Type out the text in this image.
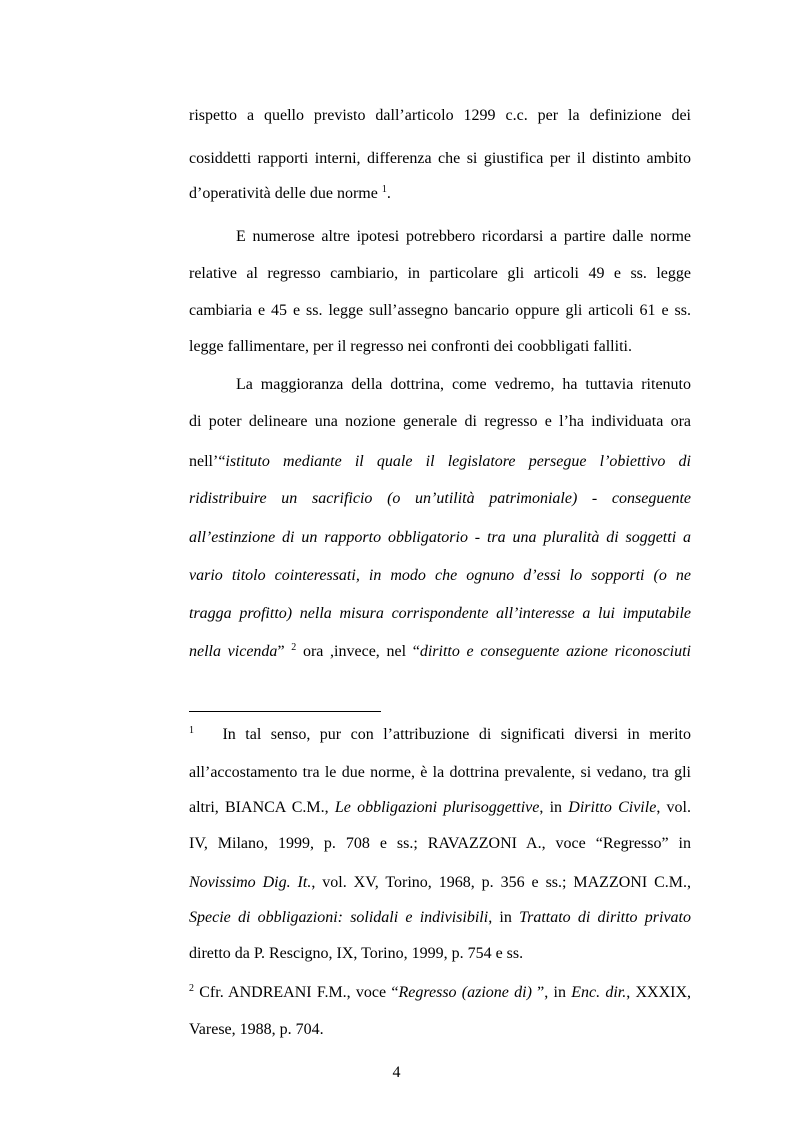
rispetto a quello previsto dall’articolo 1299 c.c. per la definizione dei
cosiddetti rapporti interni, differenza che si giustifica per il distinto ambito
d’operatività delle due norme $^1$.
E numerose altre ipotesi potrebbero ricordarsi a partire dalle norme
relative al regresso cambiario, in particolare gli articoli 49 e ss. legge
cambiaria e 45 e ss. legge sull’assegno bancario oppure gli articoli 61 e ss.
legge fallimentare, per il regresso nei confronti dei coobbligati falliti.
La maggioranza della dottrina, come vedremo, ha tuttavia ritenuto
di poter delineare una nozione generale di regresso e l’ha individuata ora
nell’“istituto mediante il quale il legislatore persegue l’obiettivo di
ridistribuire un sacrificio (o un’utilità patrimoniale) - conseguente
all’estinzione di un rapporto obbligatorio - tra una pluralità di soggetti a
vario titolo cointeressati, in modo che ognuno d’essi lo sopporti (o ne
tragga profitto) nella misura corrispondente all’interesse a lui imputabile
nella vicenda” $^2$ ora ,invece, nel “diritto e conseguente azione riconosciuti
$^1$ In tal senso, pur con l’attribuzione di significati diversi in merito
all’accostamento tra le due norme, è la dottrina prevalente, si vedano, tra gli
altri, BIANCA C.M., Le obbligazioni plurisoggettive, in Diritto Civile, vol.
IV, Milano, 1999, p. 708 e ss.; RAVAZZONI A., voce “Regresso” in
Novissimo Dig. It., vol. XV, Torino, 1968, p. 356 e ss.; MAZZONI C.M.,
Specie di obbligazioni: solidali e indivisibili, in Trattato di diritto privato
diretto da P. Rescigno, IX, Torino, 1999, p. 754 e ss.
$^2$ Cfr. ANDREANI F.M., voce “Regresso (azione di) ”, in Enc. dir., XXXIX,
Varese, 1988, p. 704.
4
